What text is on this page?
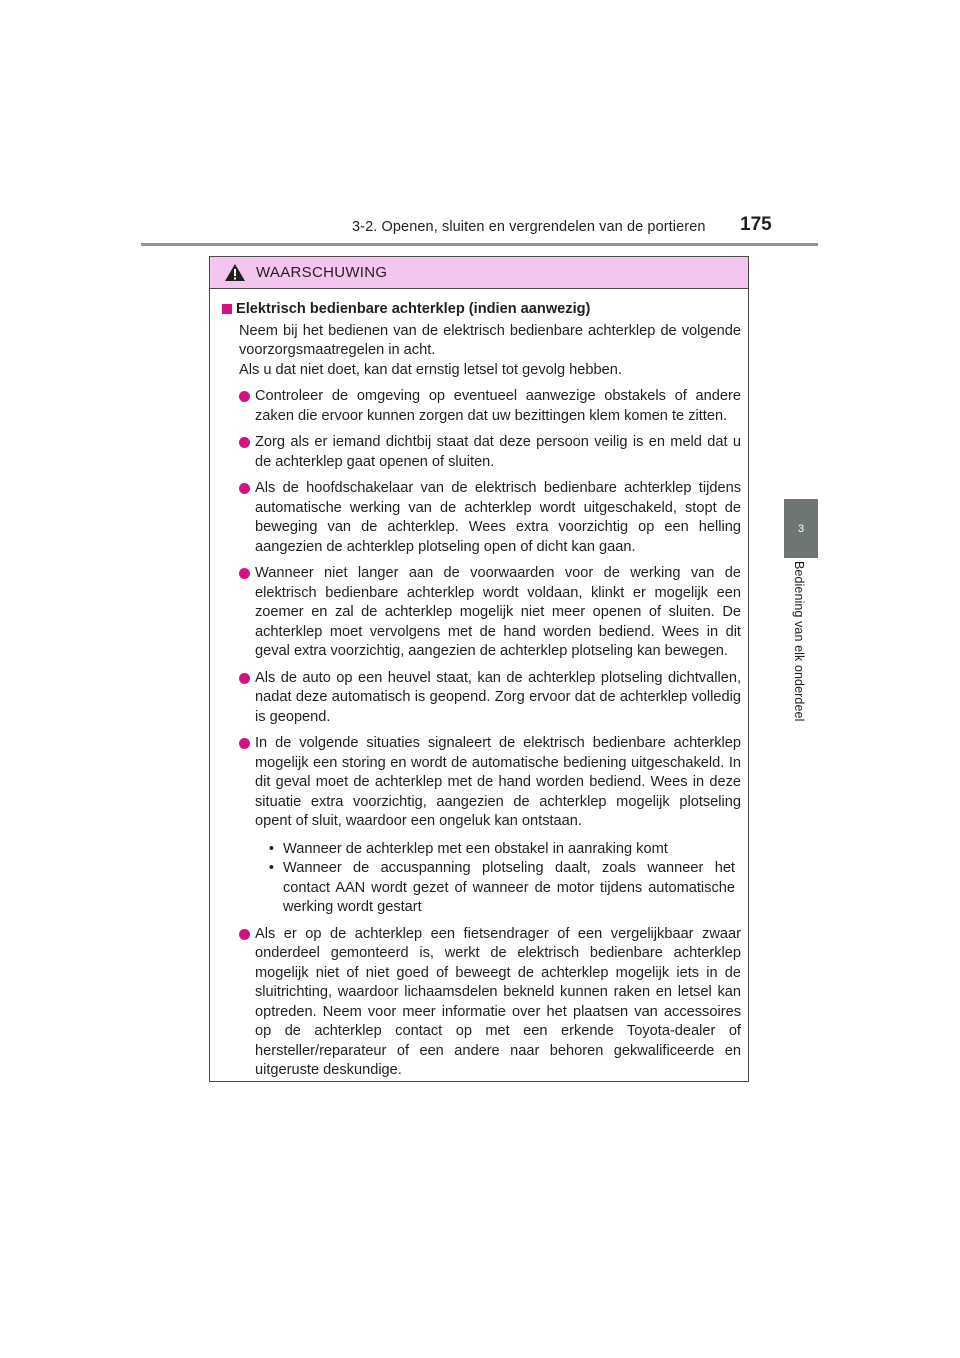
3-2. Openen, sluiten en vergrendelen van de portieren 175
3
Bediening van elk onderdeel
WAARSCHUWING
Elektrisch bedienbare achterklep (indien aanwezig)
Neem bij het bedienen van de elektrisch bedienbare achterklep de volgende voorzorgsmaatregelen in acht.
Als u dat niet doet, kan dat ernstig letsel tot gevolg hebben.
Controleer de omgeving op eventueel aanwezige obstakels of andere zaken die ervoor kunnen zorgen dat uw bezittingen klem komen te zitten.
Zorg als er iemand dichtbij staat dat deze persoon veilig is en meld dat u de achterklep gaat openen of sluiten.
Als de hoofdschakelaar van de elektrisch bedienbare achterklep tijdens automatische werking van de achterklep wordt uitgeschakeld, stopt de beweging van de achterklep. Wees extra voorzichtig op een helling aangezien de achterklep plotseling open of dicht kan gaan.
Wanneer niet langer aan de voorwaarden voor de werking van de elektrisch bedienbare achterklep wordt voldaan, klinkt er mogelijk een zoemer en zal de achterklep mogelijk niet meer openen of sluiten. De achterklep moet vervolgens met de hand worden bediend. Wees in dit geval extra voorzichtig, aangezien de achterklep plotseling kan bewegen.
Als de auto op een heuvel staat, kan de achterklep plotseling dichtvallen, nadat deze automatisch is geopend. Zorg ervoor dat de achterklep volledig is geopend.
In de volgende situaties signaleert de elektrisch bedienbare achterklep mogelijk een storing en wordt de automatische bediening uitgeschakeld. In dit geval moet de achterklep met de hand worden bediend. Wees in deze situatie extra voorzichtig, aangezien de achterklep mogelijk plotseling opent of sluit, waardoor een ongeluk kan ontstaan.
• Wanneer de achterklep met een obstakel in aanraking komt
• Wanneer de accuspanning plotseling daalt, zoals wanneer het contact AAN wordt gezet of wanneer de motor tijdens automatische werking wordt gestart
Als er op de achterklep een fietsendrager of een vergelijkbaar zwaar onderdeel gemonteerd is, werkt de elektrisch bedienbare achterklep mogelijk niet of niet goed of beweegt de achterklep mogelijk iets in de sluitrichting, waardoor lichaamsdelen bekneld kunnen raken en letsel kan optreden. Neem voor meer informatie over het plaatsen van accessoires op de achterklep contact op met een erkende Toyota-dealer of hersteller/reparateur of een andere naar behoren gekwalificeerde en uitgeruste deskundige.
